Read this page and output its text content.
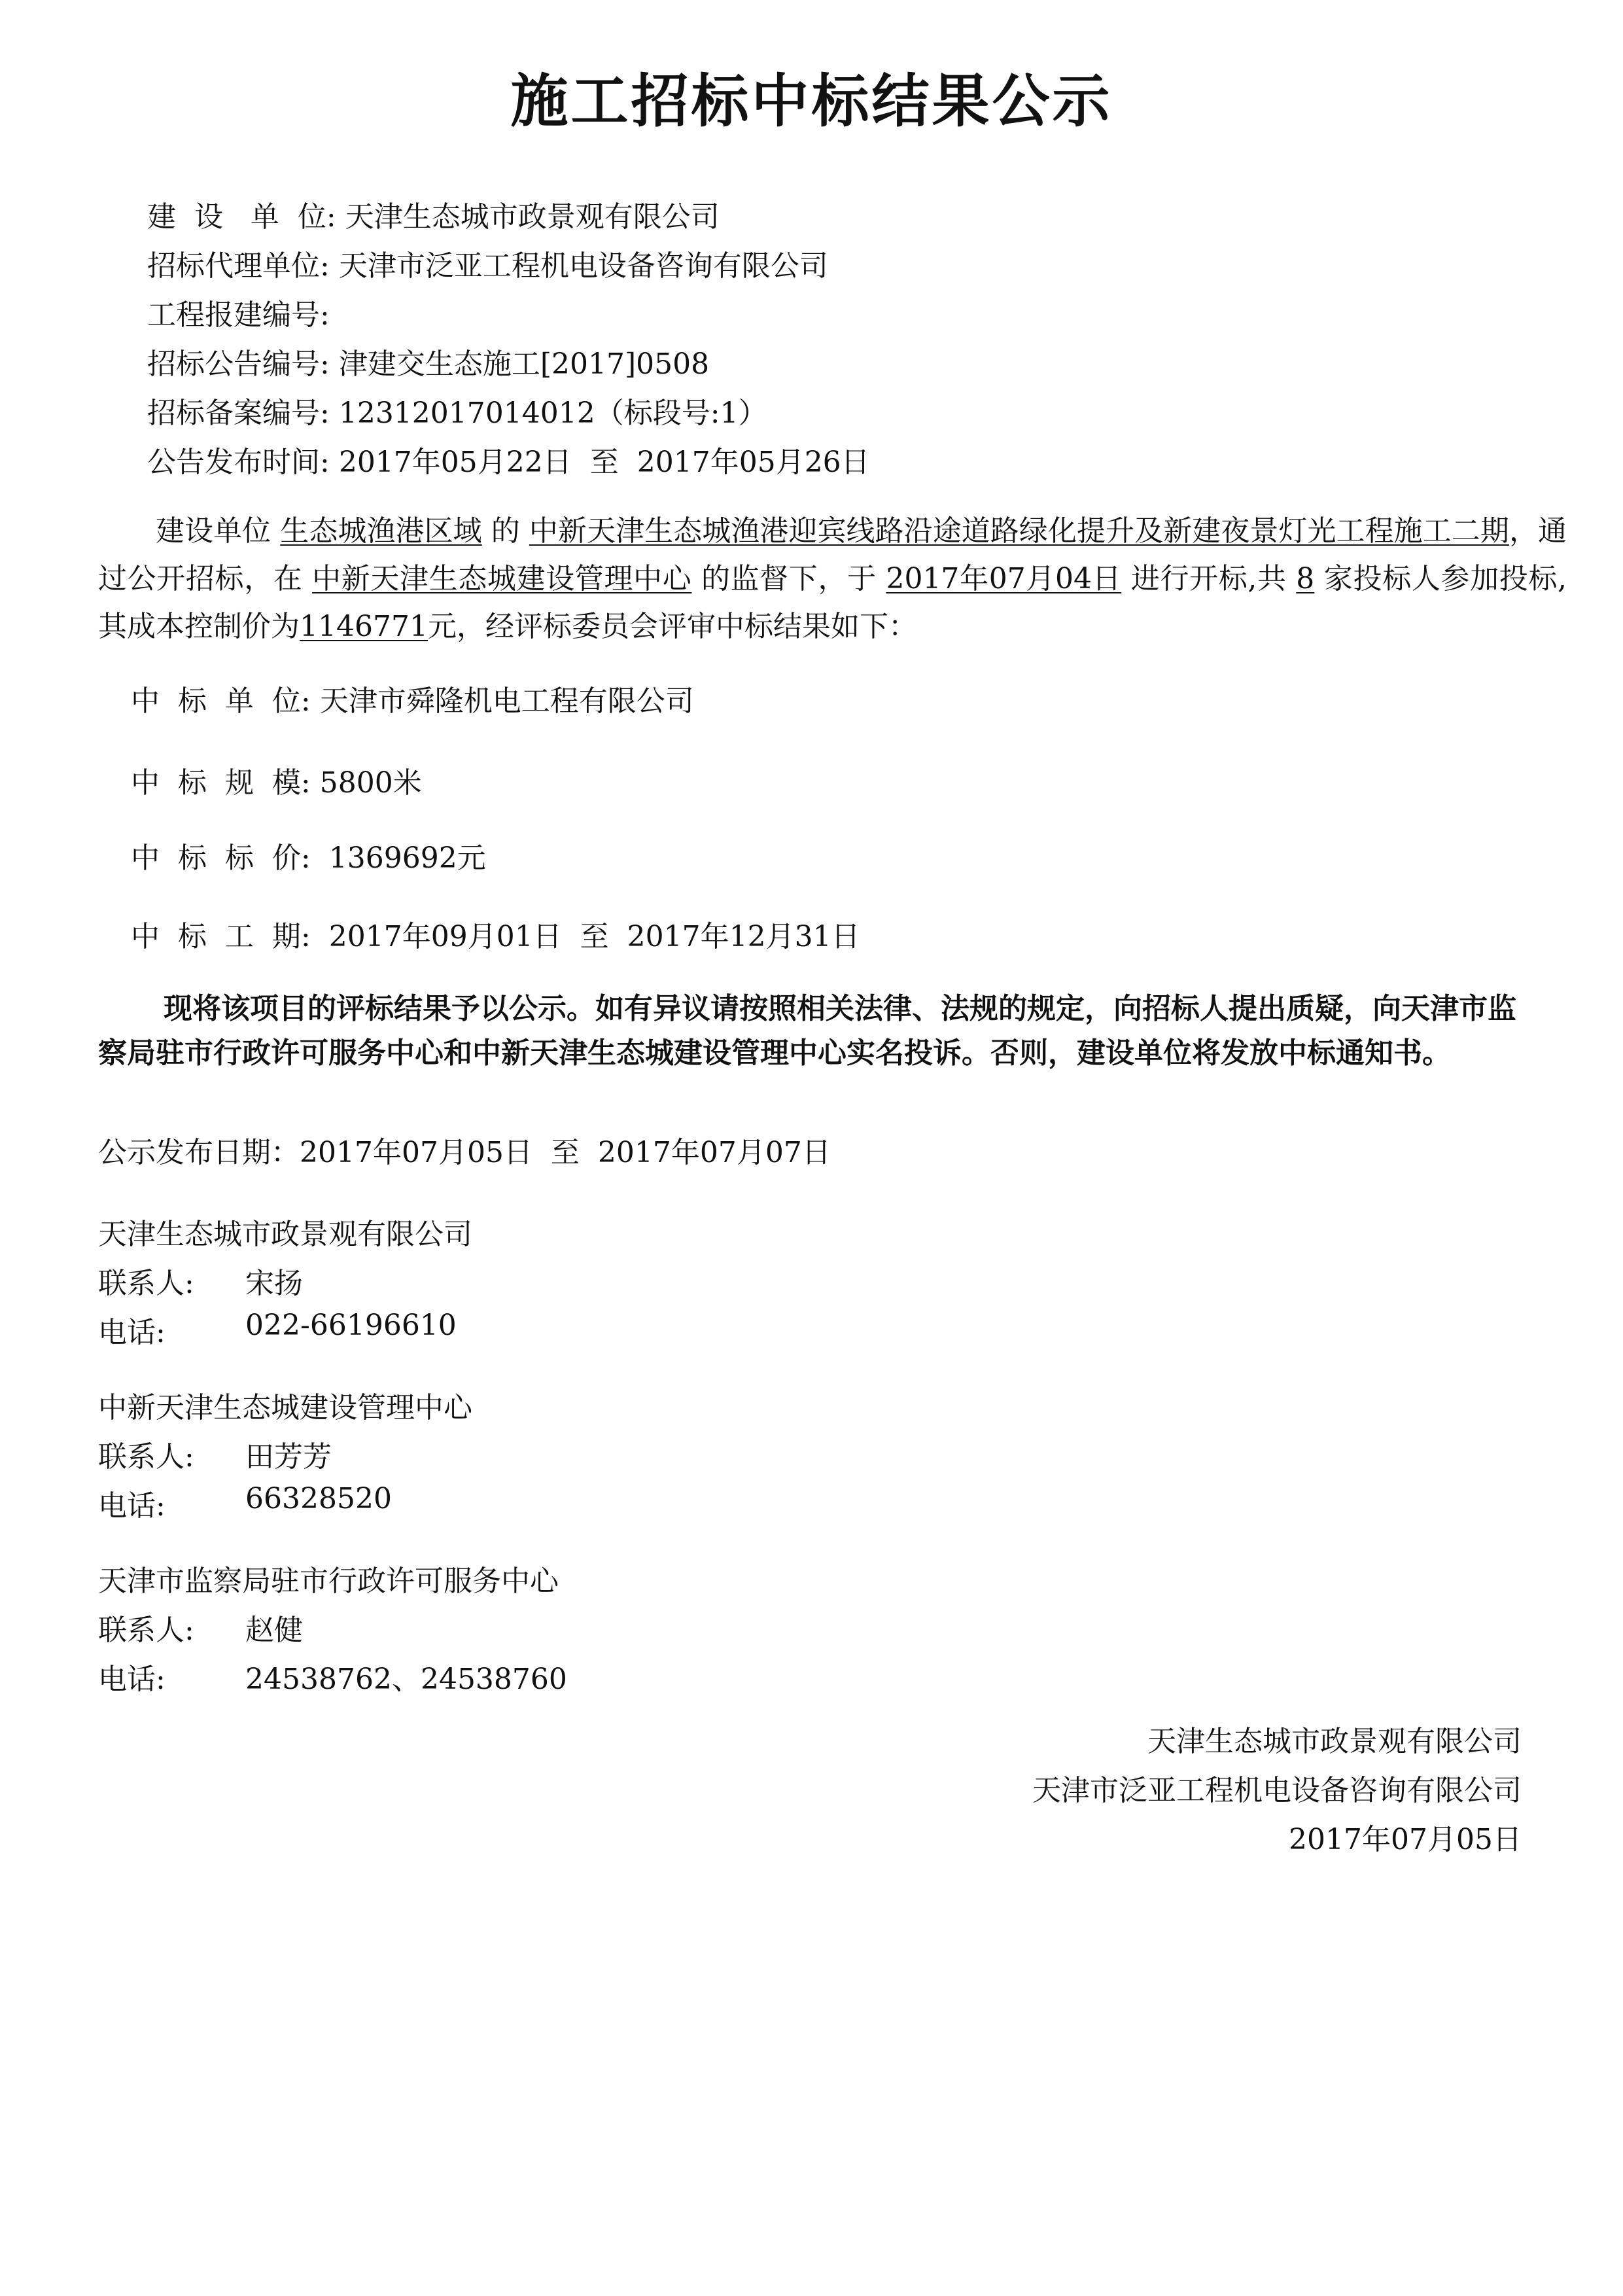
施工招标中标结果公示
建  设   单  位: 天津生态城市政景观有限公司
招标代理单位: 天津市泛亚工程机电设备咨询有限公司
工程报建编号:
招标公告编号: 津建交生态施工[2017]0508
招标备案编号: 12312017014012（标段号:1）
公告发布时间: 2017年05月22日  至  2017年05月26日
建设单位 生态城渔港区域 的 中新天津生态城渔港迎宾线路沿途道路绿化提升及新建夜景灯光工程施工二期，通过公开招标，在 中新天津生态城建设管理中心 的监督下，于 2017年07月04日 进行开标,共 8 家投标人参加投标,其成本控制价为1146771元，经评标委员会评审中标结果如下：
中  标  单  位: 天津市舜隆机电工程有限公司
中  标  规  模: 5800米
中  标  标  价:  1369692元
中  标  工  期:  2017年09月01日  至  2017年12月31日
现将该项目的评标结果予以公示。如有异议请按照相关法律、法规的规定，向招标人提出质疑，向天津市监察局驻市行政许可服务中心和中新天津生态城建设管理中心实名投诉。否则，建设单位将发放中标通知书。
公示发布日期：2017年07月05日  至  2017年07月07日
天津生态城市政景观有限公司
联系人: 宋扬
电话:	022-66196610
中新天津生态城建设管理中心
联系人: 田芳芳
电话:	66328520
天津市监察局驻市行政许可服务中心
联系人: 赵健
电话:	24538762、24538760
天津生态城市政景观有限公司
天津市泛亚工程机电设备咨询有限公司
2017年07月05日
